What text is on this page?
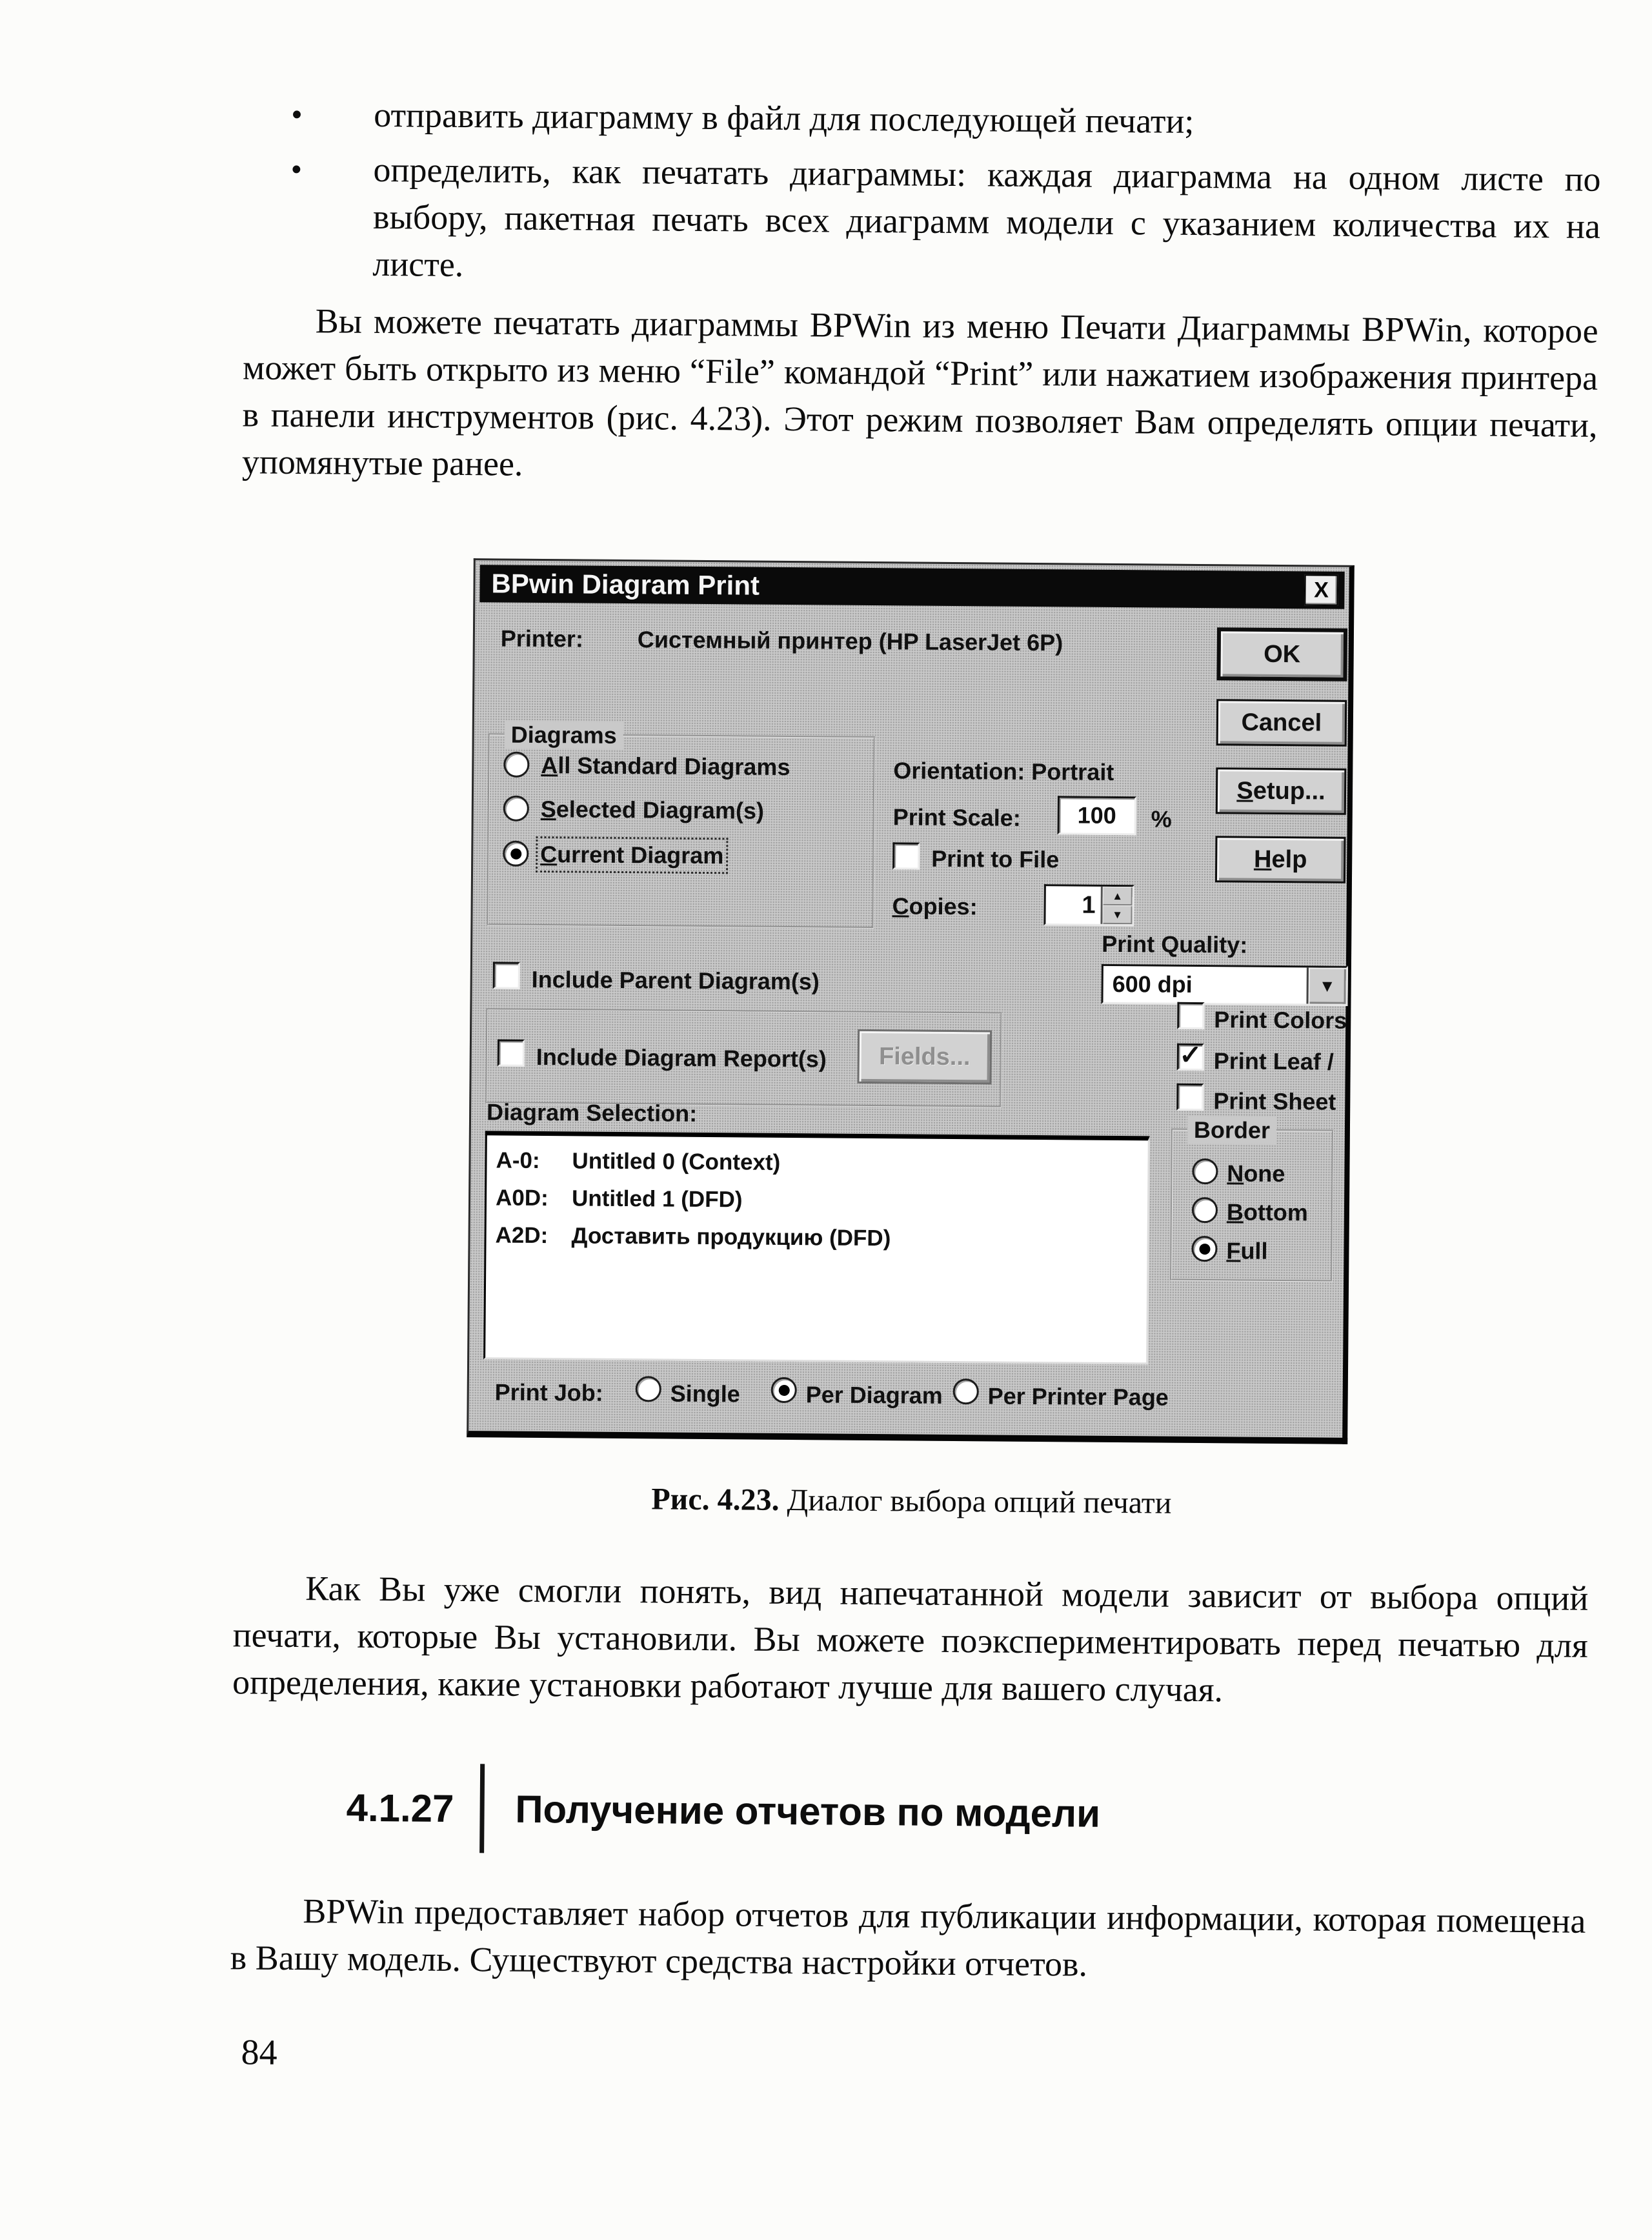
•	отправить диаграмму в файл для последующей печати;
•	определить, как печатать диаграммы: каждая диаграмма на одном листе по выбору, пакетная печать всех диаграмм модели с указанием количества их на листе.
Вы можете печатать диаграммы BPWin из меню Печати Диаграммы BPWin, которое может быть открыто из меню “File” командой “Print” или нажатием изображения принтера в панели инструментов (рис. 4.23). Этот режим позволяет Вам определять опции печати, упомянутые ранее.
BPwin Diagram Print	X
Printer: Системный принтер (HP LaserJet 6P)	OK
Cancel
Setup...
Help
Diagrams
All Standard Diagrams
Selected Diagram(s)
Current Diagram
Orientation: Portrait
Print Scale:	100	%
Print to File
Copies:	1	▲
▼
Print Quality:
600 dpi	▼
Include Parent Diagram(s)
Include Diagram Report(s)	Fields...
Diagram Selection:
A-0: Untitled 0 (Context)
A0D: Untitled 1 (DFD)
A2D: Доставить продукцию (DFD)
Print Colors
✓
Print Leaf /
Print Sheet
Border
None
Bottom
Full
Print Job:	Single	Per Diagram Per Printer Page
Рис. 4.23. Диалог выбора опций печати
Как Вы уже смогли понять, вид напечатанной модели зависит от выбора опций печати, которые Вы установили. Вы можете поэкспериментировать перед печатью для определения, какие установки работают лучше для вашего случая.
4.1.27	Получение отчетов по модели
BPWin предоставляет набор отчетов для публикации информации, которая помещена в Вашу модель. Существуют средства настройки отчетов.
84
